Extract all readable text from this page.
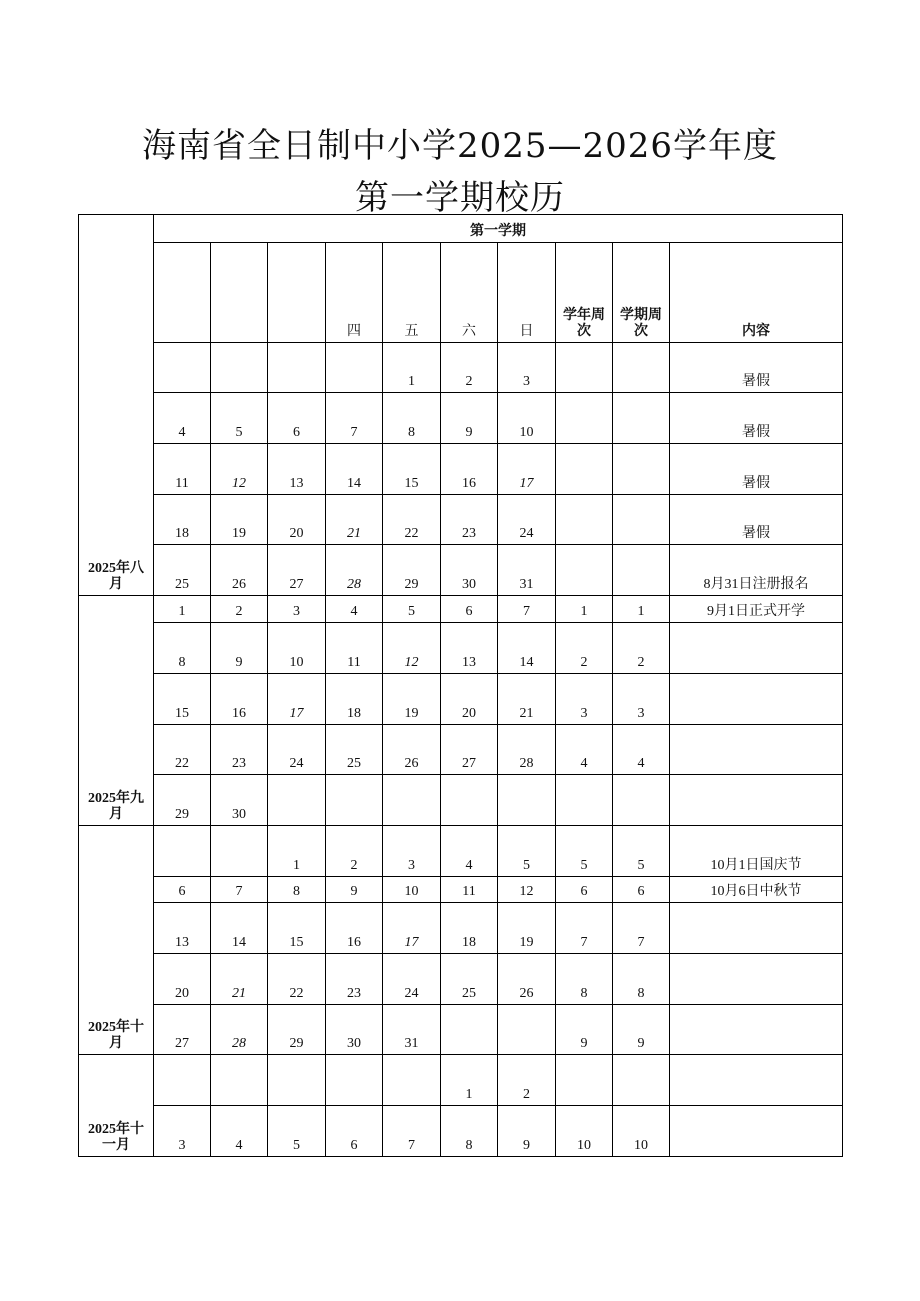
海南省全日制中小学2025—2026学年度
第一学期校历
2025年八月	第一学期									
				四	五	六	日	学年周次	学期周次	内容
					1	2	3			暑假
	4	5	6	7	8	9	10			暑假
	11	12	13	14	15	16	17			暑假
	18	19	20	21	22	23	24			暑假
	25	26	27	28	29	30	31			8月31日注册报名
2025年九月	1	2	3	4	5	6	7	1	1	9月1日正式开学
	8	9	10	11	12	13	14	2	2	
	15	16	17	18	19	20	21	3	3	
	22	23	24	25	26	27	28	4	4	
	29	30								
2025年十月			1	2	3	4	5	5	5	10月1日国庆节
	6	7	8	9	10	11	12	6	6	10月6日中秋节
	13	14	15	16	17	18	19	7	7	
	20	21	22	23	24	25	26	8	8	
	27	28	29	30	31			9	9	
2025年十一月						1	2			
	3	4	5	6	7	8	9	10	10	
